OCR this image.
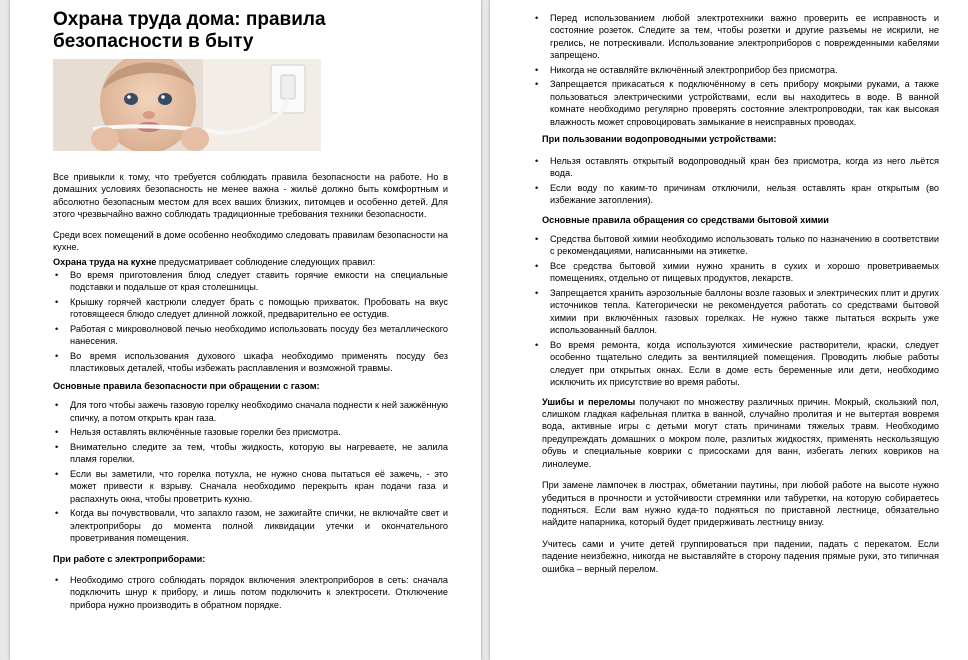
Охрана труда дома: правила безопасности в быту

Все привыкли к тому, что требуется соблюдать правила безопасности на работе. Но в домашних условиях безопасность не менее важна - жильё должно быть комфортным и абсолютно безопасным местом для всех ваших близких, питомцев и особенно детей. Для этого чрезвычайно важно соблюдать традиционные требования техники безопасности.

Среди всех помещений в доме особенно необходимо следовать правилам безопасности на кухне.

Охрана труда на кухне предусматривает соблюдение следующих правил:

• Во время приготовления блюд следует ставить горячие емкости на специальные подставки и подальше от края столешницы.
• Крышку горячей кастрюли следует брать с помощью прихваток. Пробовать на вкус готовящееся блюдо следует длинной ложкой, предварительно ее остудив.
• Работая с микроволновой печью необходимо использовать посуду без металлического нанесения.
• Во время использования духового шкафа необходимо применять посуду без пластиковых деталей, чтобы избежать расплавления и возможной травмы.

Основные правила безопасности при обращении с газом:

• Для того чтобы зажечь газовую горелку необходимо сначала поднести к ней зажжённую спичку, а потом открыть кран газа.
• Нельзя оставлять включённые газовые горелки без присмотра.
• Внимательно следите за тем, чтобы жидкость, которую вы нагреваете, не залила пламя горелки.
• Если вы заметили, что горелка потухла, не нужно снова пытаться её зажечь, - это может привести к взрыву. Сначала необходимо перекрыть кран подачи газа и распахнуть окна, чтобы проветрить кухню.
• Когда вы почувствовали, что запахло газом, не зажигайте спички, не включайте свет и электроприборы до момента полной ликвидации утечки и окончательного проветривания помещения.

При работе с электроприборами:

• Необходимо строго соблюдать порядок включения электроприборов в сеть: сначала подключить шнур к прибору, и лишь потом подключить к электросети. Отключение прибора нужно производить в обратном порядке.
• Перед использованием любой электротехники важно проверить ее исправность и состояние розеток. Следите за тем, чтобы розетки и другие разъемы не искрили, не грелись, не потрескивали. Использование электроприборов с поврежденными кабелями запрещено.
• Никогда не оставляйте включённый электроприбор без присмотра.
• Запрещается прикасаться к подключённому в сеть прибору мокрыми руками, а также пользоваться электрическими устройствами, если вы находитесь в воде. В ванной комнате необходимо регулярно проверять состояние электропроводки, так как высокая влажность может спровоцировать замыкание в неисправных проводах.

При пользовании водопроводными устройствами:

• Нельзя оставлять открытый водопроводный кран без присмотра, когда из него льётся вода.
• Если воду по каким-то причинам отключили, нельзя оставлять кран открытым (во избежание затопления).

Основные правила обращения со средствами бытовой химии

• Средства бытовой химии необходимо использовать только по назначению в соответствии с рекомендациями, написанными на этикетке.
• Все средства бытовой химии нужно хранить в сухих и хорошо проветриваемых помещениях, отдельно от пищевых продуктов, лекарств.
• Запрещается хранить аэрозольные баллоны возле газовых и электрических плит и других источников тепла. Категорически не рекомендуется работать со средствами бытовой химии при включённых газовых горелках. Не нужно также пытаться вскрыть уже использованный баллон.
• Во время ремонта, когда используются химические растворители, краски, следует особенно тщательно следить за вентиляцией помещения. Проводить любые работы следует при открытых окнах. Если в доме есть беременные или дети, необходимо исключить их присутствие во время работы.

Ушибы и переломы получают по множеству различных причин. Мокрый, скользкий пол, слишком гладкая кафельная плитка в ванной, случайно пролитая и не вытертая вовремя вода, активные игры с детьми могут стать причинами тяжелых травм. Необходимо предупреждать домашних о мокром поле, разлитых жидкостях, применять нескользящую обувь и специальные коврики с присосками для ванн, избегать легких ковриков на линолеуме.

При замене лампочек в люстрах, обметании паутины, при любой работе на высоте нужно убедиться в прочности и устойчивости стремянки или табуретки, на которую собираетесь подняться. Если вам нужно куда-то подняться по приставной лестнице, обязательно найдите напарника, который будет придерживать лестницу внизу.

Учитесь сами и учите детей группироваться при падении, падать с перекатом. Если падение неизбежно, никогда не выставляйте в сторону падения прямые руки, это типичная ошибка – верный перелом.
